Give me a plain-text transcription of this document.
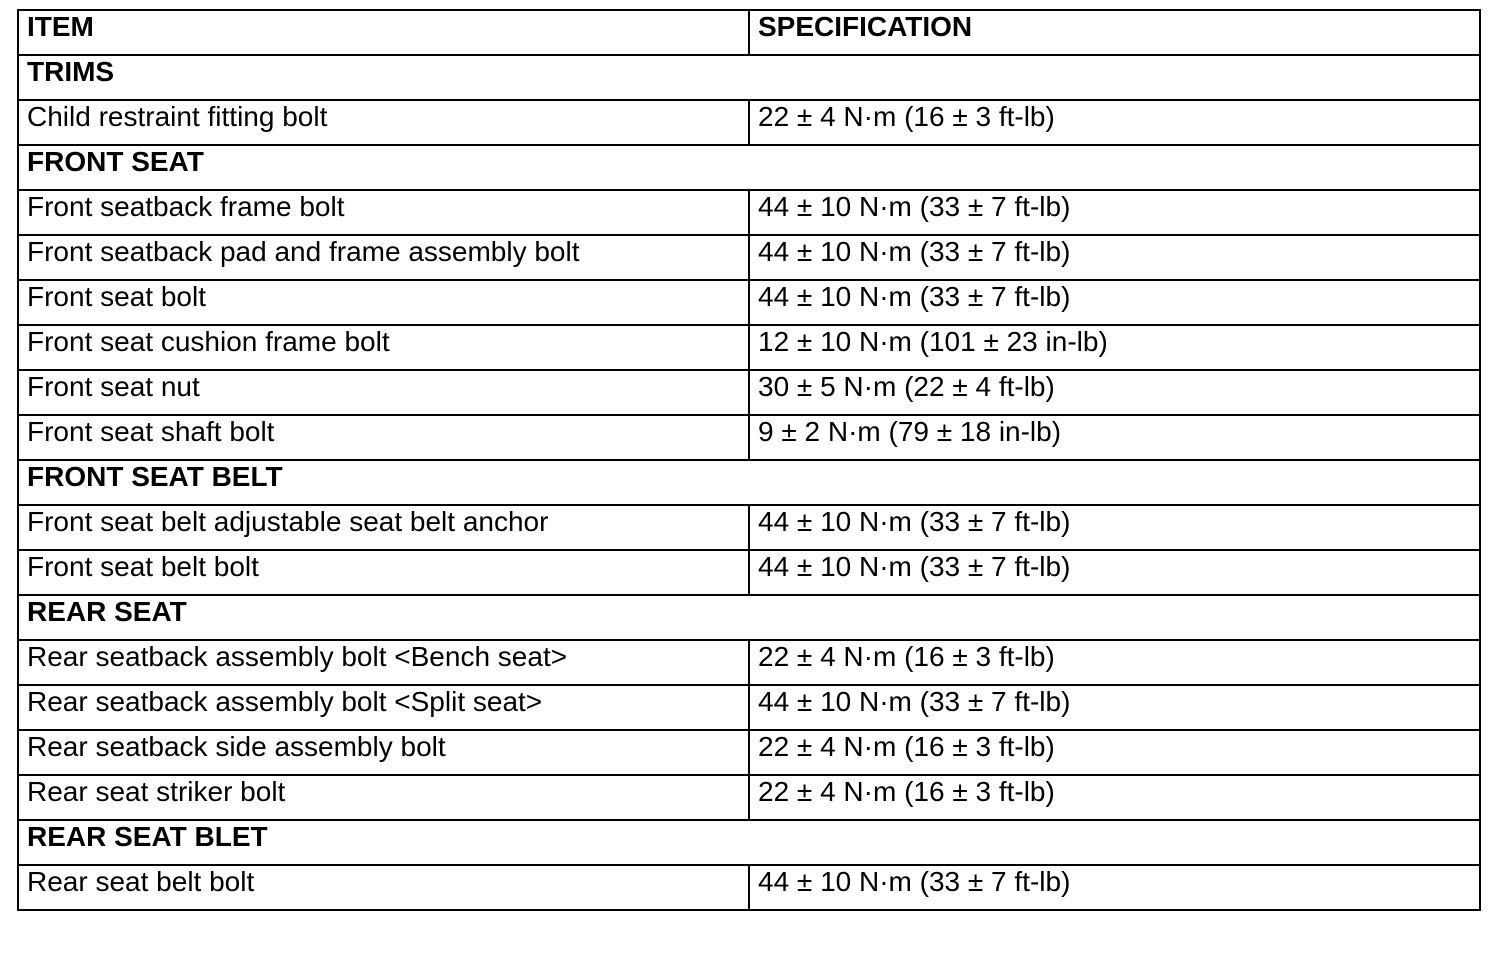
ITEM	SPECIFICATION

TRIMS	

Child restraint fitting bolt	22 ± 4 N·m (16 ± 3 ft-lb)

FRONT SEAT	

Front seatback frame bolt	44 ± 10 N·m (33 ± 7 ft-lb)

Front seatback pad and frame assembly bolt	44 ± 10 N·m (33 ± 7 ft-lb)

Front seat bolt	44 ± 10 N·m (33 ± 7 ft-lb)

Front seat cushion frame bolt	12 ± 10 N·m (101 ± 23 in-lb)

Front seat nut	30 ± 5 N·m (22 ± 4 ft-lb)

Front seat shaft bolt	9 ± 2 N·m (79 ± 18 in-lb)

FRONT SEAT BELT	

Front seat belt adjustable seat belt anchor	44 ± 10 N·m (33 ± 7 ft-lb)

Front seat belt bolt	44 ± 10 N·m (33 ± 7 ft-lb)

REAR SEAT	

Rear seatback assembly bolt <Bench seat>	22 ± 4 N·m (16 ± 3 ft-lb)

Rear seatback assembly bolt <Split seat>	44 ± 10 N·m (33 ± 7 ft-lb)

Rear seatback side assembly bolt	22 ± 4 N·m (16 ± 3 ft-lb)

Rear seat striker bolt	22 ± 4 N·m (16 ± 3 ft-lb)

REAR SEAT BLET	

Rear seat belt bolt	44 ± 10 N·m (33 ± 7 ft-lb)
